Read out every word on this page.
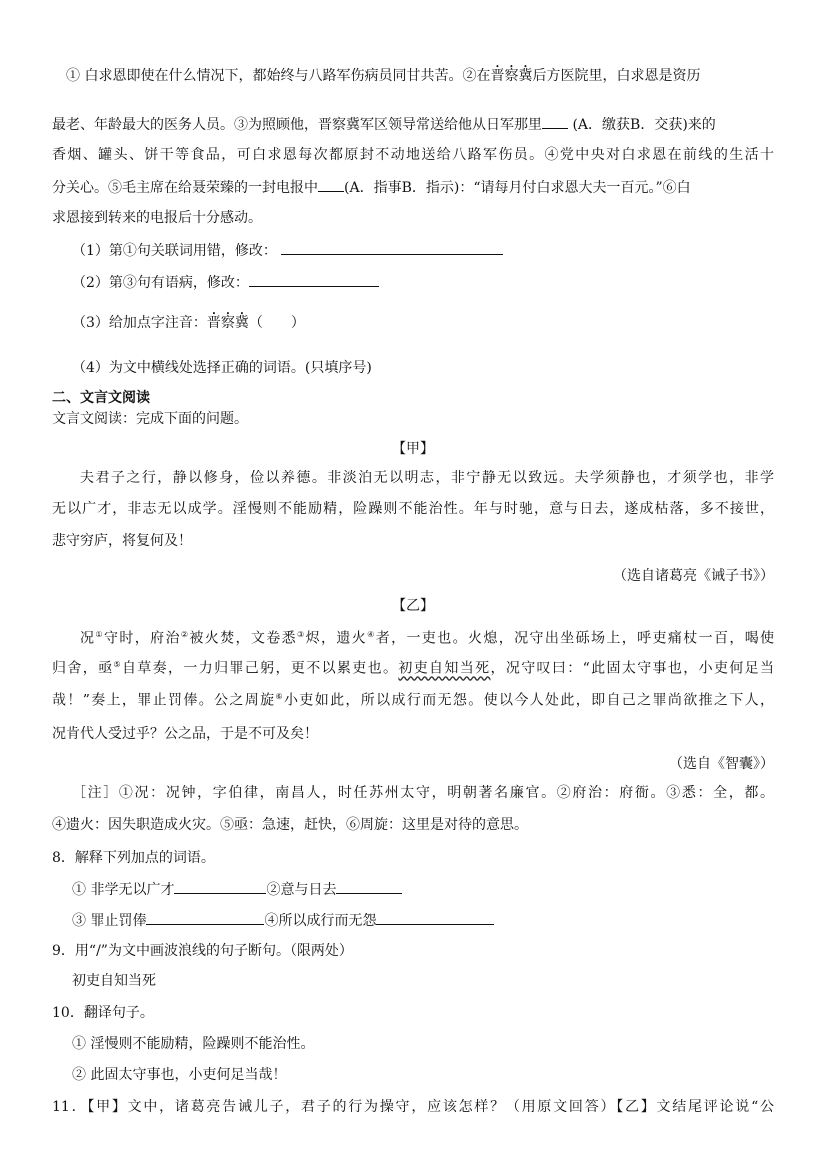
① 白求恩即使在什么情况下，都始终与八路军伤病员同甘共苦。②在晋察冀后方医院里，白求恩是资历
最老、年龄最大的医务人员。③为照顾他，晋察冀军区领导常送给他从日军那里 (A．缴获B．交获)来的
香烟、罐头、饼干等食品，可白求恩每次都原封不动地送给八路军伤员。④党中央对白求恩在前线的生活十
分关心。⑤毛主席在给聂荣臻的一封电报中 (A．指事B．指示)：“请每月付白求恩大夫一百元。”⑥白
求恩接到转来的电报后十分感动。
（1）第①句关联词用错，修改：
（2）第③句有语病，修改：
（3）给加点字注音：晋察冀（　　）
（4）为文中横线处选择正确的词语。(只填序号)
二、文言文阅读
文言文阅读：完成下面的问题。
【甲】
夫君子之行，静以修身，俭以养德。非淡泊无以明志，非宁静无以致远。夫学须静也，才须学也，非学
无以广才，非志无以成学。淫慢则不能励精，险躁则不能治性。年与时驰，意与日去，遂成枯落，多不接世，
悲守穷庐，将复何及！
（选自诸葛亮《诫子书》）
【乙】
况①守时，府治②被火焚，文卷悉③烬，遗火④者，一吏也。火熄，况守出坐砾场上，呼吏痛杖一百，喝使
归舍，亟⑤自草奏，一力归罪己躬，更不以累吏也。初吏自知当死，况守叹曰：“此固太守事也，小吏何足当
哉！”奏上，罪止罚俸。公之周旋⑥小吏如此，所以成行而无怨。使以今人处此，即自己之罪尚欲推之下人，
况肯代人受过乎？公之品，于是不可及矣！
（选自《智囊》）
［注］①况：况钟，字伯律，南昌人，时任苏州太守，明朝著名廉官。②府治：府衙。③悉：全，都。
④遗火：因失职造成火灾。⑤亟：急速，赶快，⑥周旋：这里是对待的意思。
8．解释下列加点的词语。
① 非学无以广才	②意与日去
③ 罪止罚俸	④所以成行而无怨
9．用“/”为文中画波浪线的句子断句。（限两处）
初吏自知当死
10．翻译句子。
① 淫慢则不能励精，险躁则不能治性。
② 此固太守事也，小吏何足当哉！
11．【甲】文中，诸葛亮告诫儿子，君子的行为操守，应该怎样？（用原文回答）【乙】文结尾评论说“公
